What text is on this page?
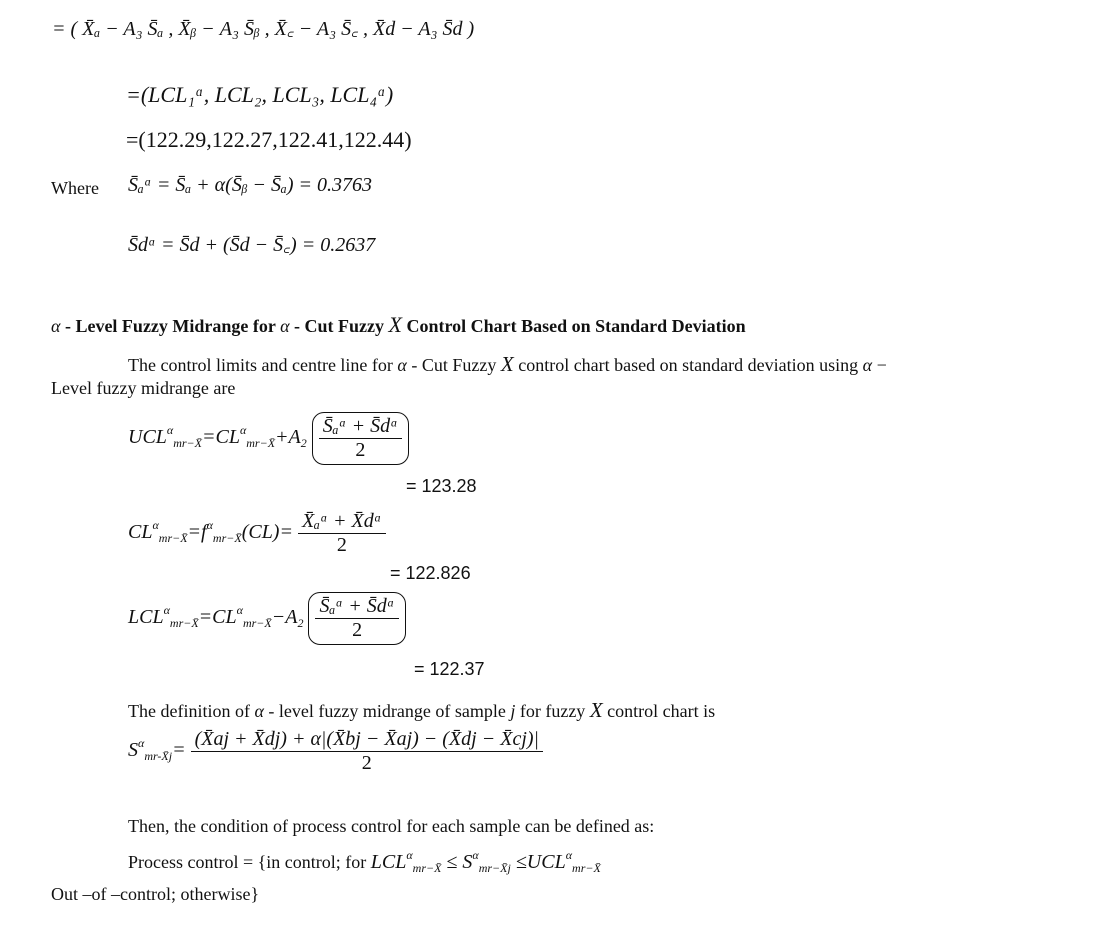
= ( X̄ₐ − A₃ S̄ₐ , X̄ᵦ − A₃ S̄ᵦ , X̄꜀ − A₃ S̄꜀ , X̄d − A₃ S̄d )
=(LCL₁ᵅ, LCL₂, LCL₃, LCL₄ᵅ)
=(122.29,122.27,122.41,122.44)
Where S̄ₐᵅ = S̄ₐ + α(S̄ᵦ − S̄ₐ) = 0.3763
S̄dᵅ = S̄d + (S̄d − S̄꜀) = 0.2637
α - Level Fuzzy Midrange for α - Cut Fuzzy X Control Chart Based on Standard Deviation
The control limits and centre line for α - Cut Fuzzy X control chart based on standard deviation using α −
Level fuzzy midrange are
$UCL^\alpha_{mr-X̄}=CL^\alpha_{mr-X̄}+A_2 \frac{\text{S̄ₐᵅ + S̄dᵅ}}{2}$
= 123.28
$CL^\alpha_{mr-X̄}=f^\alpha_{mr-X̄}(CL)= \frac{\text{X̄ₐᵅ + X̄dᵅ}}{2}$
= 122.826
$LCL^\alpha_{mr-X̄}=CL^\alpha_{mr-X̄}-A_2 \frac{\text{S̄ₐᵅ + S̄dᵅ}}{2}$
= 122.37
The definition of α - level fuzzy midrange of sample j for fuzzy X control chart is
$S^\alpha_{mr-X̄j}= \frac{(X̄aj + X̄dj) + \alpha|(X̄bj - X̄aj) - (X̄dj - X̄cj)|}{2}$
Then, the condition of process control for each sample can be defined as:
Process control = {in control; for $LCL^\alpha_{mr-X̄} \le S^\alpha_{mr-X̄j} \le UCL^\alpha_{mr-X̄}$
Out –of –control; otherwise}
